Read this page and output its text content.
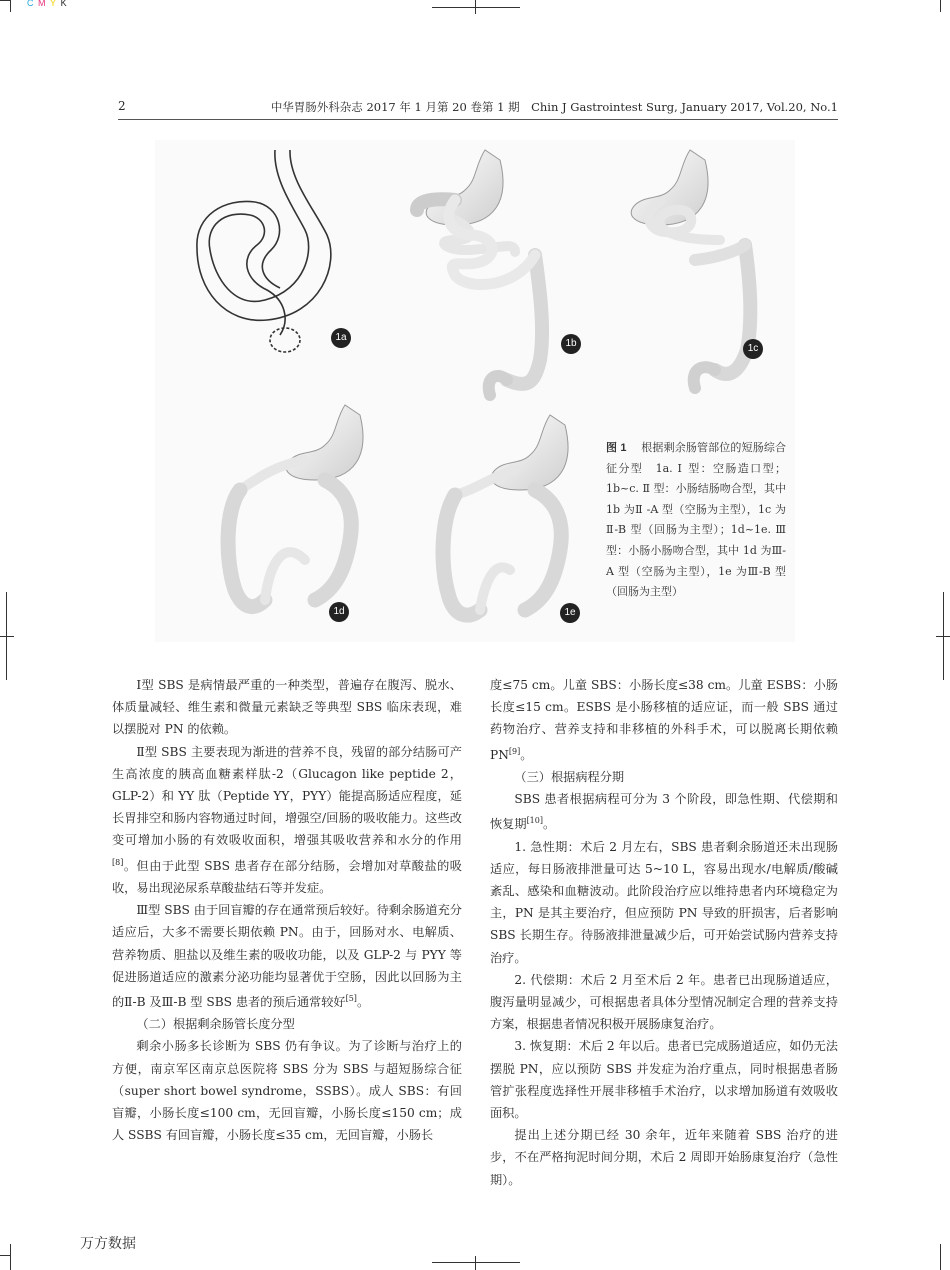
C M Y K
2	中华胃肠外科杂志 2017 年 1 月第 20 卷第 1 期　Chin J Gastrointest Surg, January 2017, Vol.20, No.1
1a
1b	1c
1d	1e
图 1 　 根据剩余肠管部位的短肠综合征分型　1a. Ⅰ 型：空肠造口型；1b~c. Ⅱ 型：小肠结肠吻合型，其中 1b 为Ⅱ -A 型（空肠为主型），1c 为Ⅱ-B 型（回肠为主型）；1d~1e. Ⅲ型：小肠小肠吻合型，其中 1d 为Ⅲ-A 型（空肠为主型），1e 为Ⅲ-B 型（回肠为主型）

Ⅰ型 SBS 是病情最严重的一种类型，普遍存在腹泻、脱水、体质量减轻、维生素和微量元素缺乏等典型 SBS 临床表现，难以摆脱对 PN 的依赖。

Ⅱ型 SBS 主要表现为渐进的营养不良，残留的部分结肠可产生高浓度的胰高血糖素样肽-2（Glucagon like peptide 2，GLP-2）和 YY 肽（Peptide YY，PYY）能提高肠适应程度，延长胃排空和肠内容物通过时间，增强空/回肠的吸收能力。这些改变可增加小肠的有效吸收面积，增强其吸收营养和水分的作用[8]。但由于此型 SBS 患者存在部分结肠，会增加对草酸盐的吸收，易出现泌尿系草酸盐结石等并发症。

Ⅲ型 SBS 由于回盲瓣的存在通常预后较好。待剩余肠道充分适应后，大多不需要长期依赖 PN。由于，回肠对水、电解质、营养物质、胆盐以及维生素的吸收功能，以及 GLP-2 与 PYY 等促进肠道适应的激素分泌功能均显著优于空肠，因此以回肠为主的Ⅱ-B 及Ⅲ-B 型 SBS 患者的预后通常较好[5]。

（二）根据剩余肠管长度分型

剩余小肠多长诊断为 SBS 仍有争议。为了诊断与治疗上的方便，南京军区南京总医院将 SBS 分为 SBS 与超短肠综合征（super short bowel syndrome，SSBS）。成人 SBS：有回盲瓣，小肠长度≤100 cm，无回盲瓣，小肠长度≤150 cm；成人 SSBS 有回盲瓣，小肠长度≤35 cm，无回盲瓣，小肠长

度≤75 cm。儿童 SBS：小肠长度≤38 cm。儿童 ESBS：小肠长度≤15 cm。ESBS 是小肠移植的适应证，而一般 SBS 通过药物治疗、营养支持和非移植的外科手术，可以脱离长期依赖 PN[9]。

（三）根据病程分期

SBS 患者根据病程可分为 3 个阶段，即急性期、代偿期和恢复期[10]。

1. 急性期：术后 2 月左右，SBS 患者剩余肠道还未出现肠适应，每日肠液排泄量可达 5~10 L，容易出现水/电解质/酸碱紊乱、感染和血糖波动。此阶段治疗应以维持患者内环境稳定为主，PN 是其主要治疗，但应预防 PN 导致的肝损害，后者影响 SBS 长期生存。待肠液排泄量减少后，可开始尝试肠内营养支持治疗。

2. 代偿期：术后 2 月至术后 2 年。患者已出现肠道适应，腹泻量明显减少，可根据患者具体分型情况制定合理的营养支持方案，根据患者情况积极开展肠康复治疗。

3. 恢复期：术后 2 年以后。患者已完成肠道适应，如仍无法摆脱 PN，应以预防 SBS 并发症为治疗重点，同时根据患者肠管扩张程度选择性开展非移植手术治疗，以求增加肠道有效吸收面积。

提出上述分期已经 30 余年，近年来随着 SBS 治疗的进步，不在严格拘泥时间分期，术后 2 周即开始肠康复治疗（急性期）。

万方数据
